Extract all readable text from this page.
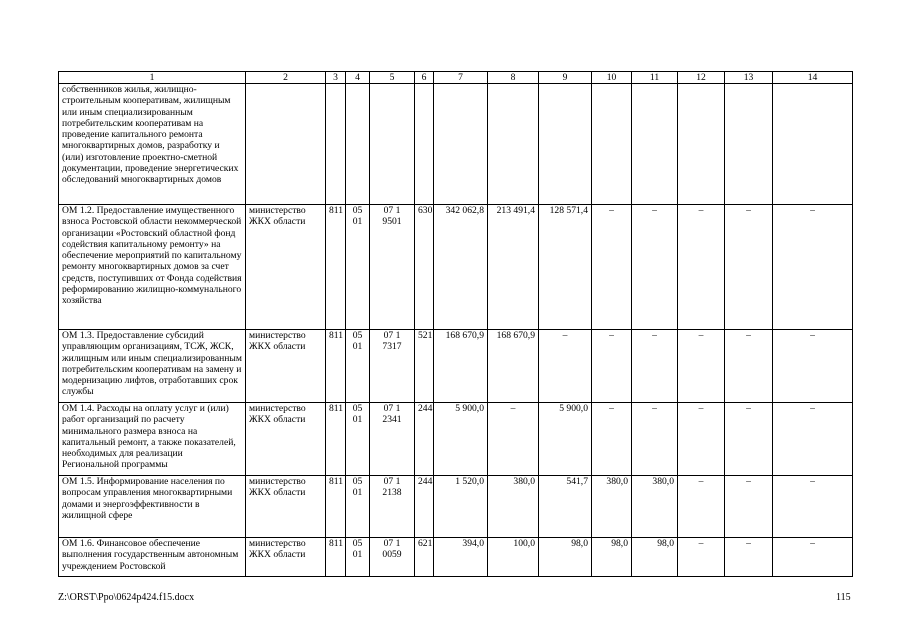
1	2	3	4	5	6	7	8	9	10	11	12	13	14
собственников жилья, жилищно-строительным кооперативам, жилищным или иным специализированным потребительским кооперативам на проведение капитального ремонта многоквартирных домов, разработку и (или) изготовление проектно-сметной документации, проведение энергетических обследований многоквартирных домов													
ОМ 1.2. Предоставление имущественного взноса Ростовской области некоммерческой организации «Ростовский областной фонд содействия капитальному ремонту» на обеспечение мероприятий по капитальному ремонту многоквартирных домов за счет средств, поступивших от Фонда содействия реформированию жилищно-коммунального хозяйства	министерство ЖКХ области	811	05 01	07 1 9501	630	342 062,8	213 491,4	128 571,4	–	–	–	–	–
ОМ 1.3. Предоставление субсидий управляющим организациям, ТСЖ, ЖСК, жилищным или иным специализированным потребительским кооперативам на замену и модернизацию лифтов, отработавших срок службы	министерство ЖКХ области	811	05 01	07 1 7317	521	168 670,9	168 670,9	–	–	–	–	–	–
ОМ 1.4. Расходы на оплату услуг и (или) работ организаций по расчету минимального размера взноса на капитальный ремонт, а также показателей, необходимых для реализации Региональной программы	министерство ЖКХ области	811	05 01	07 1 2341	244	5 900,0	–	5 900,0	–	–	–	–	–
ОМ 1.5. Информирование населения по вопросам управления многоквартирными домами и энергоэффективности в жилищной сфере	министерство ЖКХ области	811	05 01	07 1 2138	244	1 520,0	380,0	541,7	380,0	380,0	–	–	–
ОМ 1.6. Финансовое обеспечение выполнения государственным автономным учреждением Ростовской	министерство ЖКХ области	811	05 01	07 1 0059	621	394,0	100,0	98,0	98,0	98,0	–	–	–
Z:\ORST\Ppo\0624p424.f15.docx	115
